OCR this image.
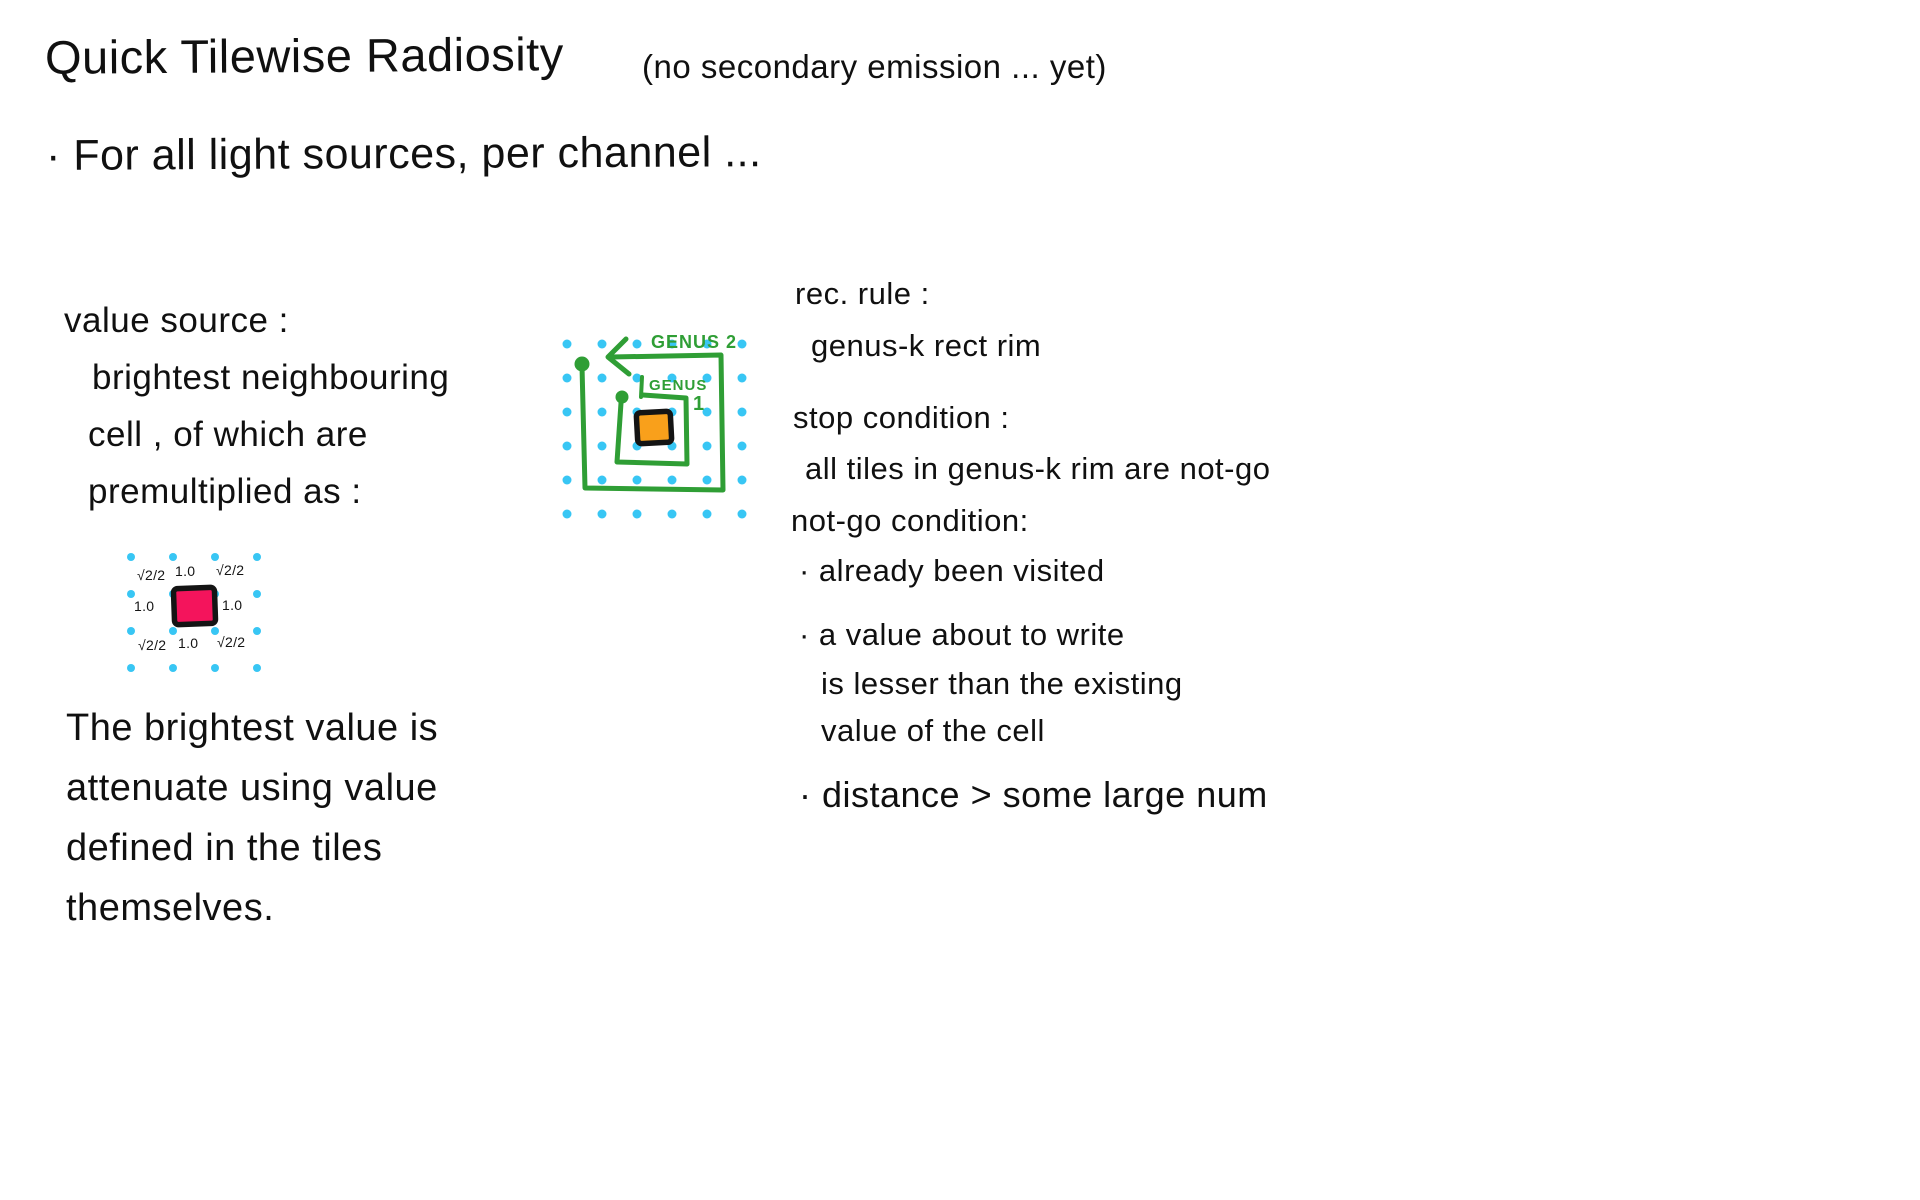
Quick Tilewise Radiosity (no secondary emission ... yet)
· For all light sources, per channel ...
value source :
brightest neighbouring
cell , of which are
premultiplied as :
√2/2 1.0 √2/2
1.0	1.0
√2/2 1.0 √2/2
The brightest value is
attenuate using value
defined in the tiles
themselves.
GENUS 2
GENUS
1
rec. rule :
genus-k rect rim
stop condition :
all tiles in genus-k rim are not-go
not-go condition:
· already been visited
· a value about to write
is lesser than the existing
value of the cell
· distance > some large num
